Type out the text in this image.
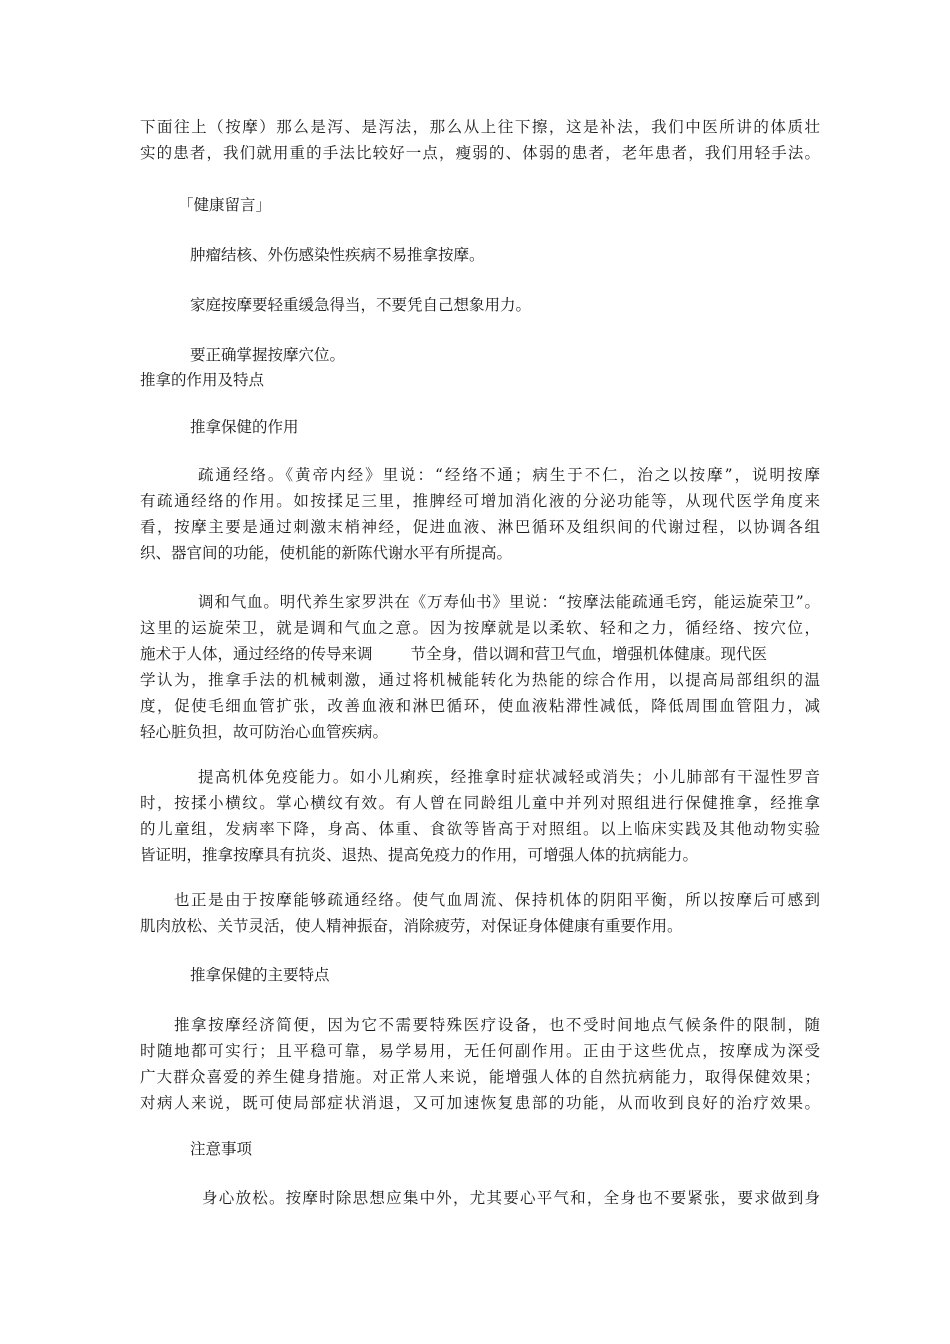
下面往上（按摩）那么是泻、是泻法，那么从上往下擦，这是补法，我们中医所讲的体质壮
实的患者，我们就用重的手法比较好一点，瘦弱的、体弱的患者，老年患者，我们用轻手法。
「健康留言」
肿瘤结核、外伤感染性疾病不易推拿按摩。
家庭按摩要轻重缓急得当，不要凭自己想象用力。
要正确掌握按摩穴位。
推拿的作用及特点
推拿保健的作用
疏通经络。《黄帝内经》里说：“经络不通；病生于不仁，治之以按摩”，说明按摩
有疏通经络的作用。如按揉足三里，推脾经可增加消化液的分泌功能等，从现代医学角度来
看，按摩主要是通过刺激末梢神经，促进血液、淋巴循环及组织间的代谢过程，以协调各组
织、器官间的功能，使机能的新陈代谢水平有所提高。
调和气血。明代养生家罗洪在《万寿仙书》里说：“按摩法能疏通毛窍，能运旋荣卫”。
这里的运旋荣卫，就是调和气血之意。因为按摩就是以柔软、轻和之力，循经络、按穴位，
施术于人体，通过经络的传导来调 节全身，借以调和营卫气血，增强机体健康。现代医
学认为，推拿手法的机械刺激，通过将机械能转化为热能的综合作用，以提高局部组织的温
度，促使毛细血管扩张，改善血液和淋巴循环，使血液粘滞性减低，降低周围血管阻力，减
轻心脏负担，故可防治心血管疾病。
提高机体免疫能力。如小儿痢疾，经推拿时症状减轻或消失；小儿肺部有干湿性罗音
时，按揉小横纹。掌心横纹有效。有人曾在同龄组儿童中并列对照组进行保健推拿，经推拿
的儿童组，发病率下降，身高、体重、食欲等皆高于对照组。以上临床实践及其他动物实验
皆证明，推拿按摩具有抗炎、退热、提高免疫力的作用，可增强人体的抗病能力。
也正是由于按摩能够疏通经络。使气血周流、保持机体的阴阳平衡，所以按摩后可感到
肌肉放松、关节灵活，使人精神振奋，消除疲劳，对保证身体健康有重要作用。
推拿保健的主要特点
推拿按摩经济简便，因为它不需要特殊医疗设备，也不受时间地点气候条件的限制，随
时随地都可实行；且平稳可靠，易学易用，无任何副作用。正由于这些优点，按摩成为深受
广大群众喜爱的养生健身措施。对正常人来说，能增强人体的自然抗病能力，取得保健效果；
对病人来说，既可使局部症状消退，又可加速恢复患部的功能，从而收到良好的治疗效果。
注意事项
身心放松。按摩时除思想应集中外，尤其要心平气和，全身也不要紧张，要求做到身
